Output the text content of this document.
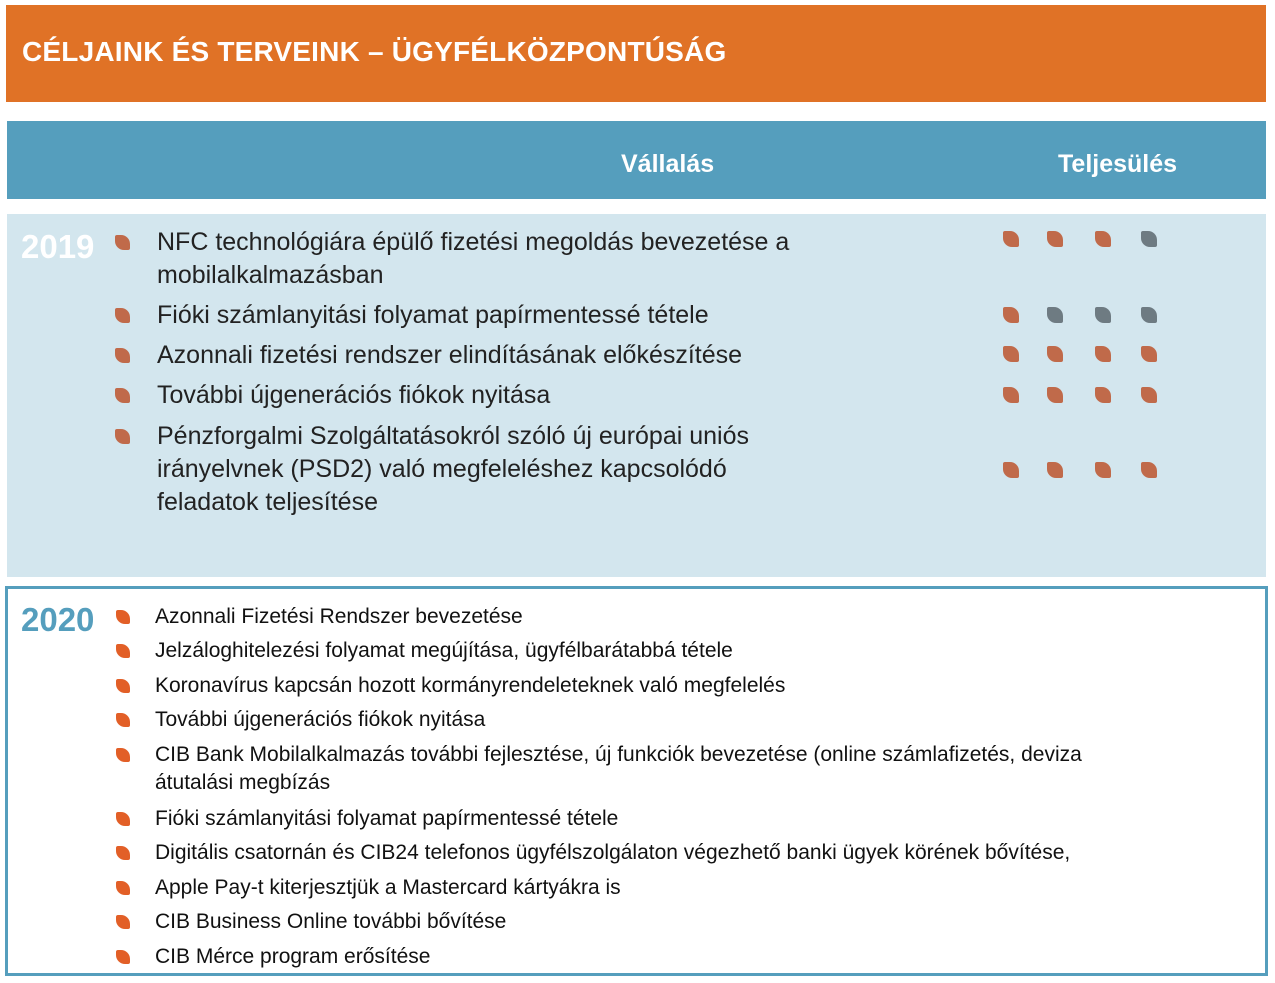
CÉLJAINK ÉS TERVEINK – ÜGYFÉLKÖZPONTÚSÁG
Vállalás	Teljesülés
2019	NFC technológiára épülő fizetési megoldás bevezetése a
mobilalkalmazásban
Fióki számlanyitási folyamat papírmentessé tétele
Azonnali fizetési rendszer elindításának előkészítése
További újgenerációs fiókok nyitása
Pénzforgalmi Szolgáltatásokról szóló új európai uniós
irányelvnek (PSD2) való megfeleléshez kapcsolódó
feladatok teljesítése
2020	Azonnali Fizetési Rendszer bevezetése
Jelzáloghitelezési folyamat megújítása, ügyfélbarátabbá tétele
Koronavírus kapcsán hozott kormányrendeleteknek való megfelelés
További újgenerációs fiókok nyitása
CIB Bank Mobilalkalmazás további fejlesztése, új funkciók bevezetése (online számlafizetés, deviza
átutalási megbízás
Fióki számlanyitási folyamat papírmentessé tétele
Digitális csatornán és CIB24 telefonos ügyfélszolgálaton végezhető banki ügyek körének bővítése,
Apple Pay-t kiterjesztjük a Mastercard kártyákra is
CIB Business Online további bővítése
CIB Mérce program erősítése
